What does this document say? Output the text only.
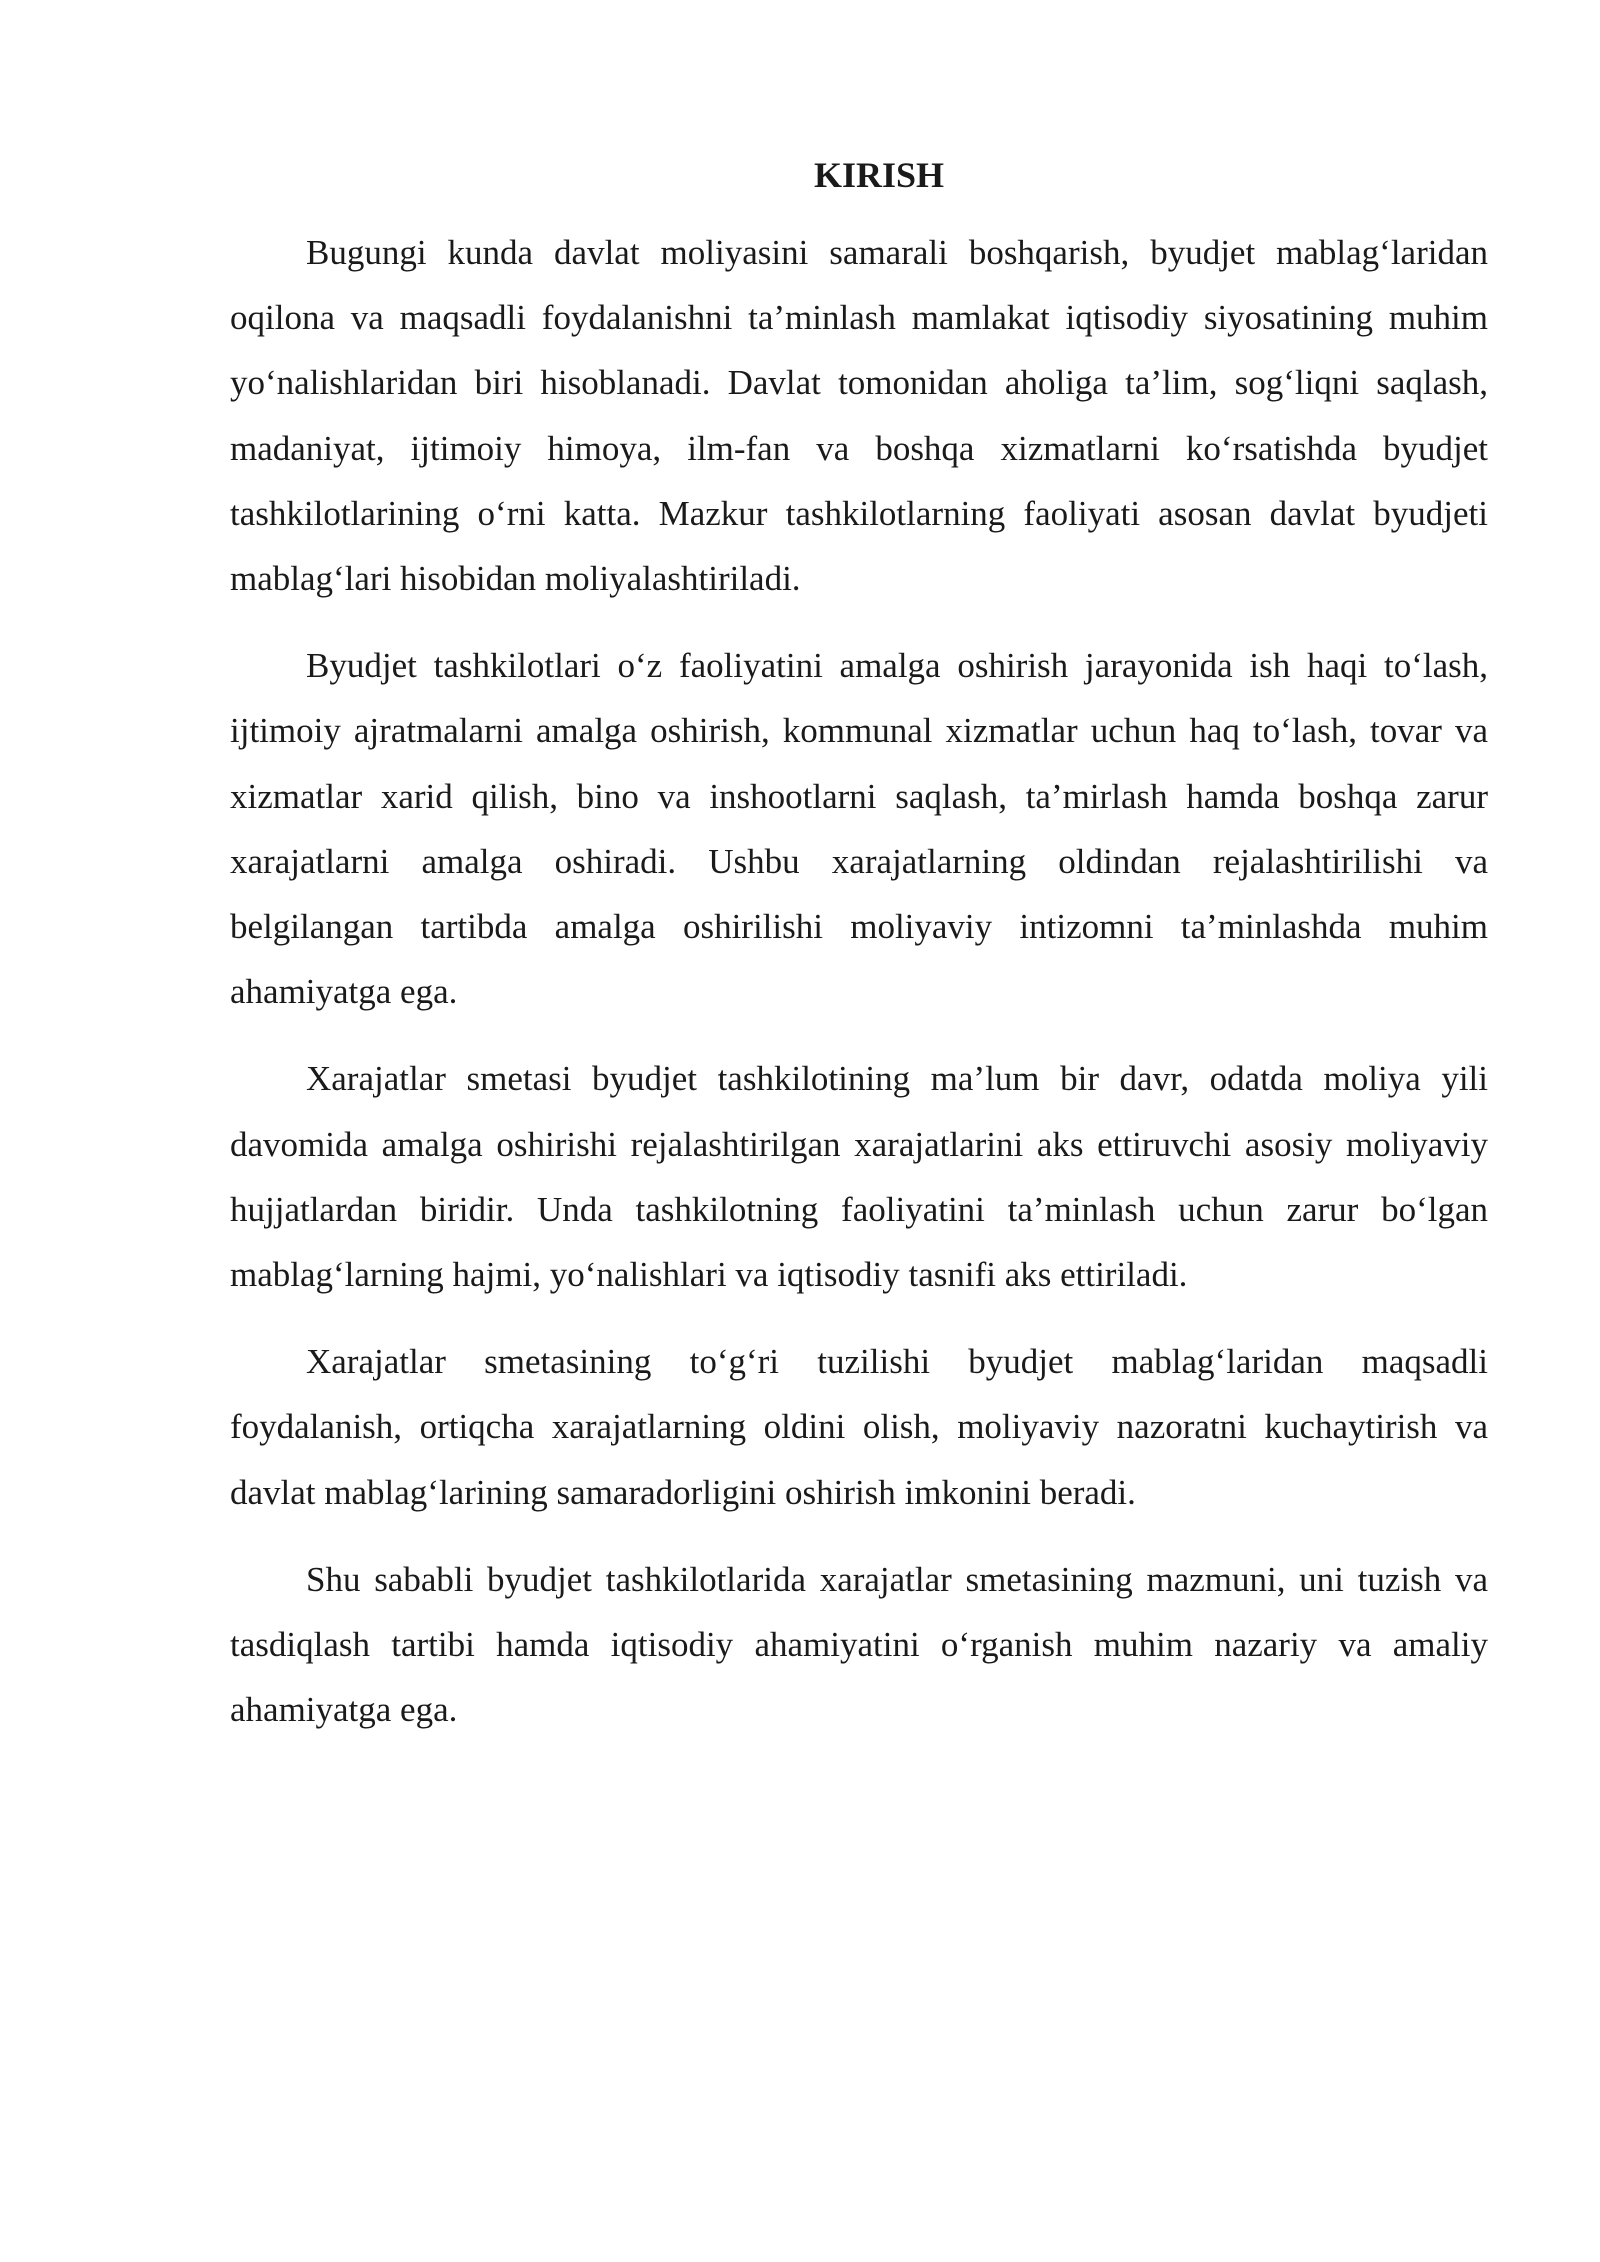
KIRISH

Bugungi kunda davlat moliyasini samarali boshqarish, byudjet mablag‘laridan oqilona va maqsadli foydalanishni ta’minlash mamlakat iqtisodiy siyosatining muhim yo‘nalishlaridan biri hisoblanadi. Davlat tomonidan aholiga ta’lim, sog‘liqni saqlash, madaniyat, ijtimoiy himoya, ilm-fan va boshqa xizmatlarni ko‘rsatishda byudjet tashkilotlarining o‘rni katta. Mazkur tashkilotlarning faoliyati asosan davlat byudjeti mablag‘lari hisobidan moliyalashtiriladi.

Byudjet tashkilotlari o‘z faoliyatini amalga oshirish jarayonida ish haqi to‘lash, ijtimoiy ajratmalarni amalga oshirish, kommunal xizmatlar uchun haq to‘lash, tovar va xizmatlar xarid qilish, bino va inshootlarni saqlash, ta’mirlash hamda boshqa zarur xarajatlarni amalga oshiradi. Ushbu xarajatlarning oldindan rejalashtirilishi va belgilangan tartibda amalga oshirilishi moliyaviy intizomni ta’minlashda muhim ahamiyatga ega.

Xarajatlar smetasi byudjet tashkilotining ma’lum bir davr, odatda moliya yili davomida amalga oshirishi rejalashtirilgan xarajatlarini aks ettiruvchi asosiy moliyaviy hujjatlardan biridir. Unda tashkilotning faoliyatini ta’minlash uchun zarur bo‘lgan mablag‘larning hajmi, yo‘nalishlari va iqtisodiy tasnifi aks ettiriladi.

Xarajatlar smetasining to‘g‘ri tuzilishi byudjet mablag‘laridan maqsadli foydalanish, ortiqcha xarajatlarning oldini olish, moliyaviy nazoratni kuchaytirish va davlat mablag‘larining samaradorligini oshirish imkonini beradi.

Shu sababli byudjet tashkilotlarida xarajatlar smetasining mazmuni, uni tuzish va tasdiqlash tartibi hamda iqtisodiy ahamiyatini o‘rganish muhim nazariy va amaliy ahamiyatga ega.
